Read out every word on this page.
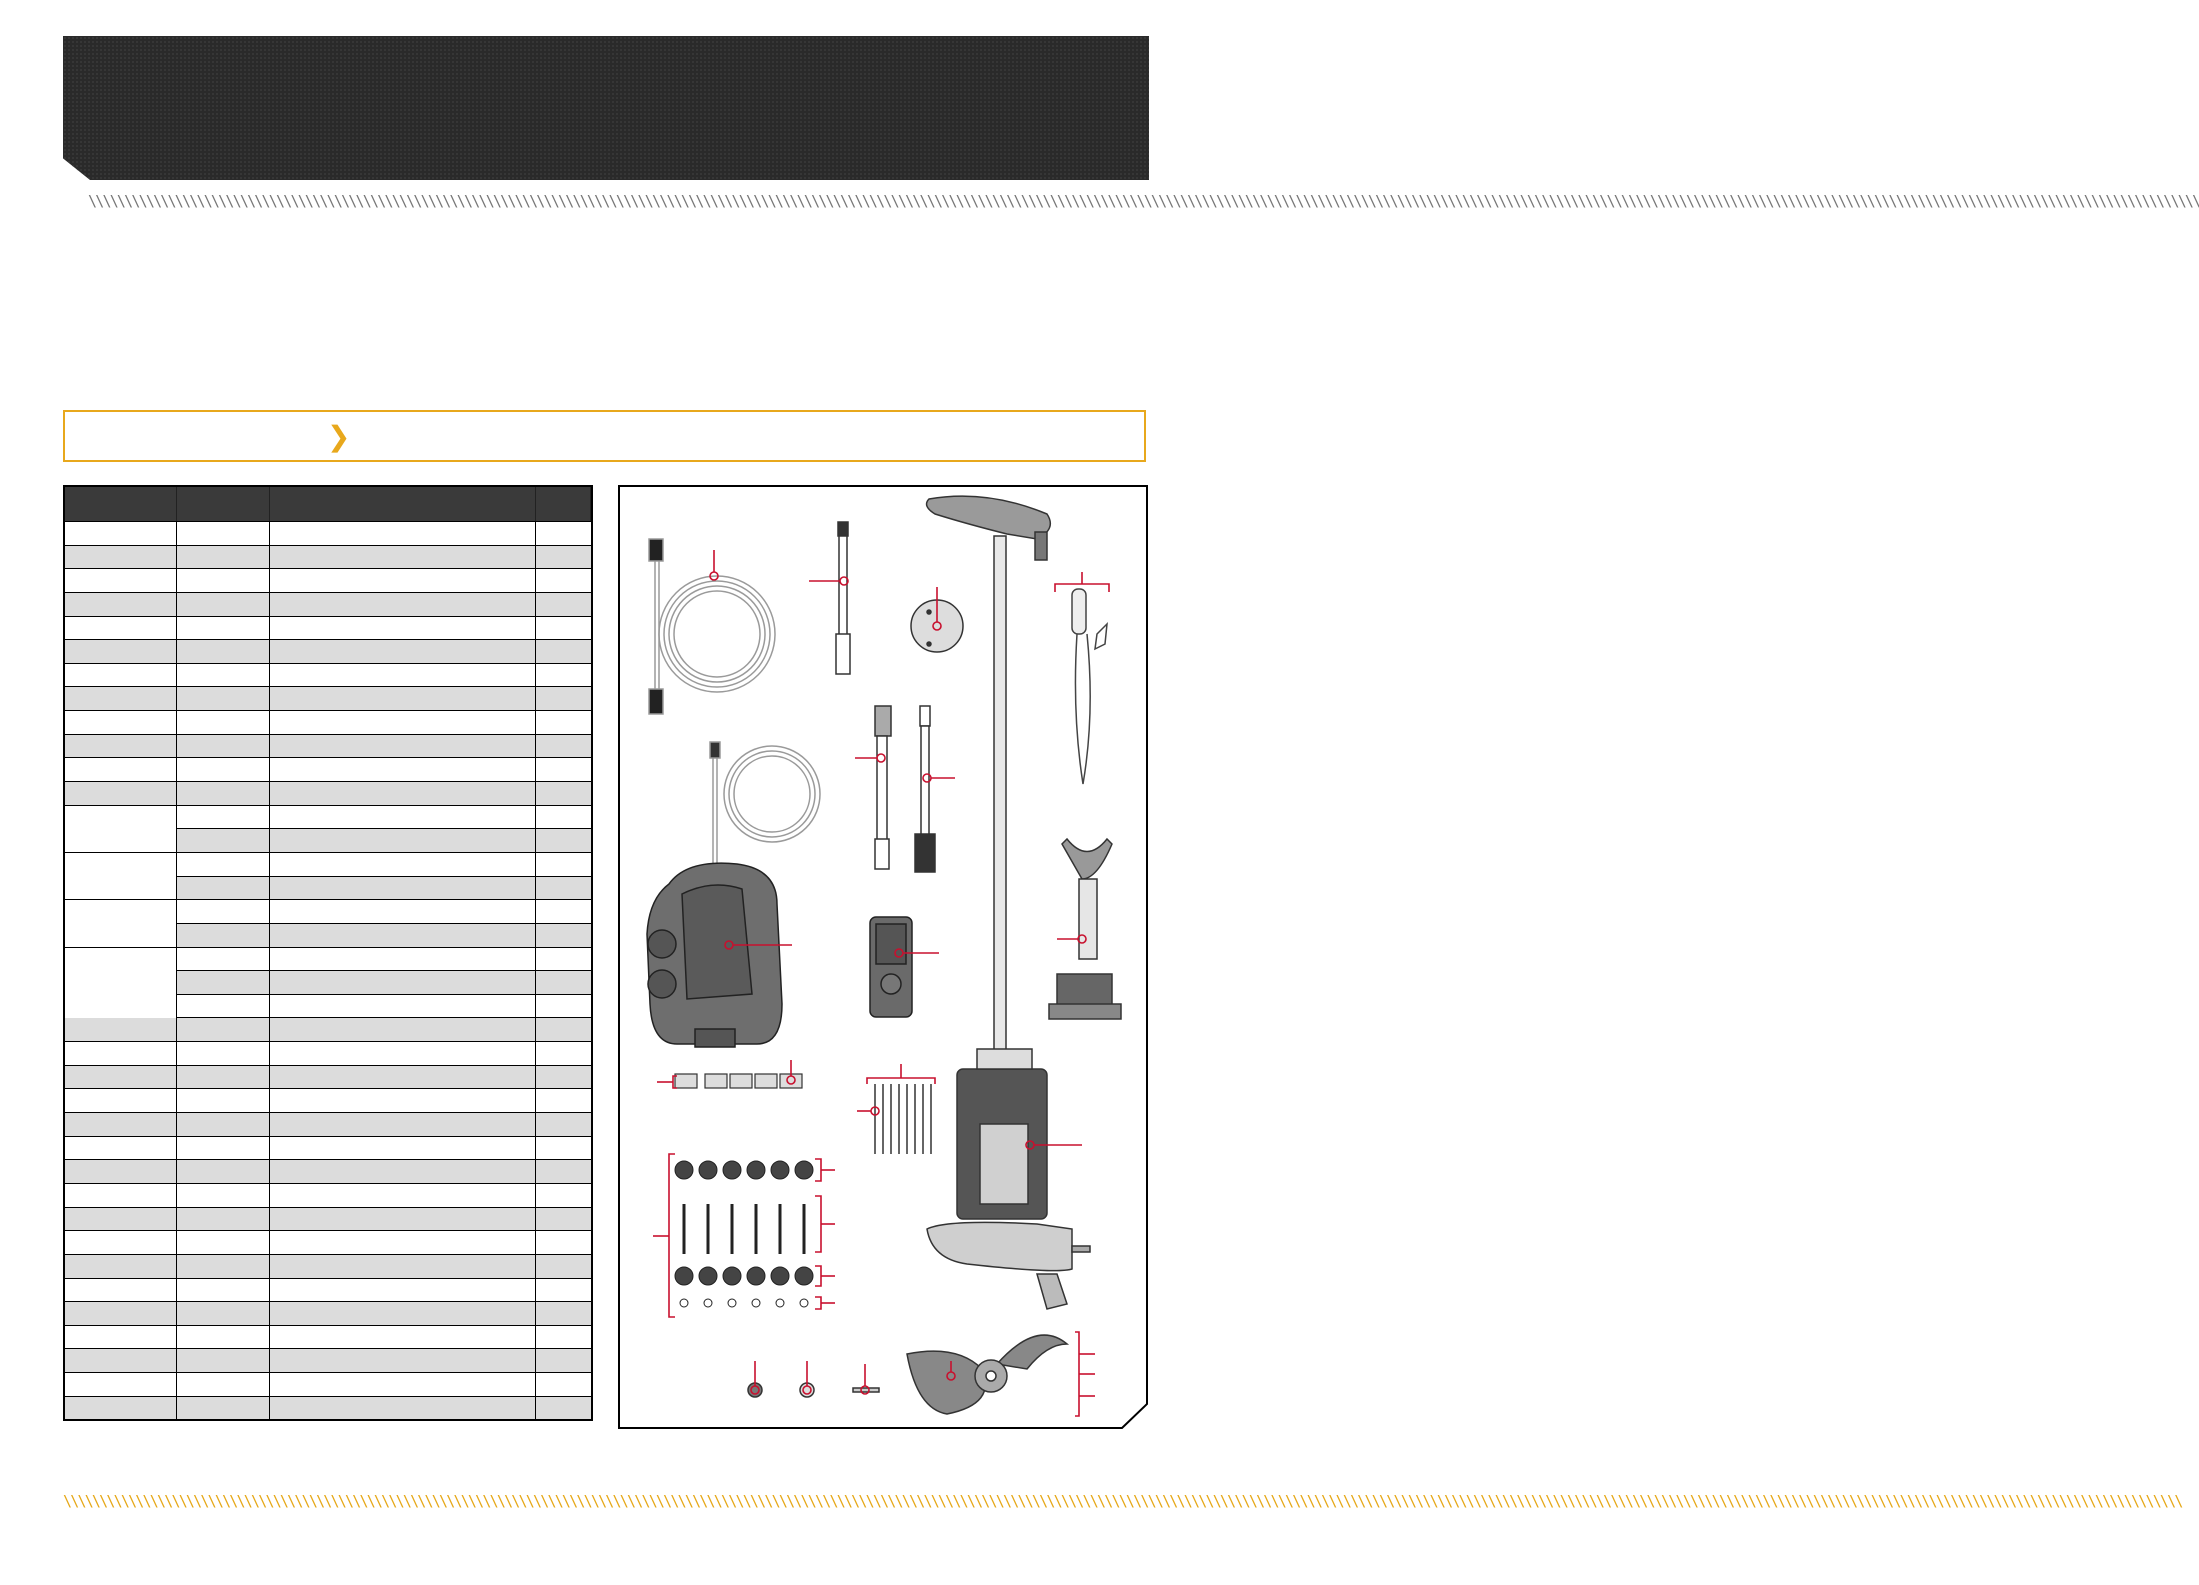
\\\\\\\\\\\\\\\\\\\\\\\\\\\\\\\\\\\\\\\\\\\\\\\\\\\\\\\\\\\\\\\\\\\\\\\\\\\\\\\\\\\\\\\\\\\\\\\\\\\\\\\\\\\\\\\\\\\\\\\\\\\\\\\\\\\\\\\\\\\\\\\\\\\\\\\\\\\\\\\\\\\\\\\\\\\\\\\\\\\\\\\\\\\\\\\\\\\\\\\\\\\\\\\\\\\\\\\\\\\\\\\\\\\\\\\\\\\\\\\\\\\\\\\\\\\\\\\\\\\\\\\\\\\\\\\\\\\\\\\\\\\\\\\\\\\\
❯
\\\\\\\\\\\\\\\\\\\\\\\\\\\\\\\\\\\\\\\\\\\\\\\\\\\\\\\\\\\\\\\\\\\\\\\\\\\\\\\\\\\\\\\\\\\\\\\\\\\\\\\\\\\\\\\\\\\\\\\\\\\\\\\\\\\\\\\\\\\\\\\\\\\\\\\\\\\\\\\\\\\\\\\\\\\\\\\\\\\\\\\\\\\\\\\\\\\\\\\\\\\\\\\\\\\\\\\\\\\\\\\\\\\\\\\\\\\\\\\\\\\\\\\\\\\\\\\\\\\\\\\\\\\\\\\\\\\\\\\\\\\\\\\\\\\\\
